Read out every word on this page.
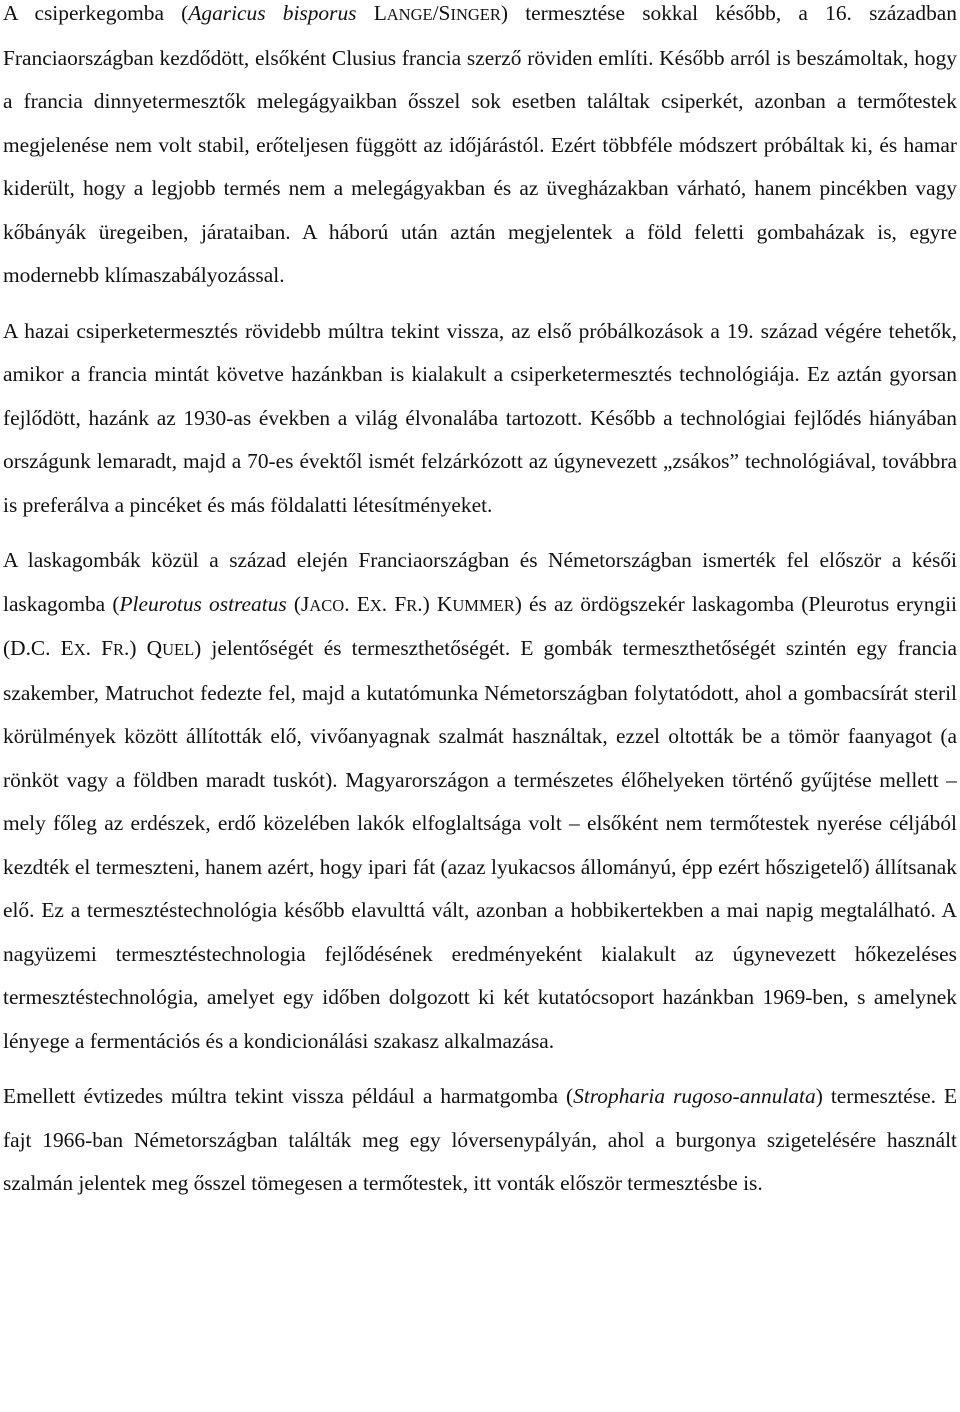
A csiperkegomba (Agaricus bisporus LANGE/SINGER) termesztése sokkal később, a 16. században Franciaországban kezdődött, elsőként Clusius francia szerző röviden említi. Később arról is beszámoltak, hogy a francia dinnyetermesztők melegágyaikban ősszel sok esetben találtak csiperkét, azonban a termőtestek megjelenése nem volt stabil, erőteljesen függött az időjárástól. Ezért többféle módszert próbáltak ki, és hamar kiderült, hogy a legjobb termés nem a melegágyakban és az üvegházakban várható, hanem pincékben vagy kőbányák üregeiben, járataiban. A háború után aztán megjelentek a föld feletti gombaházak is, egyre modernebb klímaszabályozással.

A hazai csiperketermesztés rövidebb múltra tekint vissza, az első próbálkozások a 19. század végére tehetők, amikor a francia mintát követve hazánkban is kialakult a csiperketermesztés technológiája. Ez aztán gyorsan fejlődött, hazánk az 1930-as években a világ élvonalába tartozott. Később a technológiai fejlődés hiányában országunk lemaradt, majd a 70-es évektől ismét felzárkózott az úgynevezett „zsákos” technológiával, továbbra is preferálva a pincéket és más földalatti létesítményeket.

A laskagombák közül a század elején Franciaországban és Németországban ismerték fel először a késői laskagomba (Pleurotus ostreatus (JACO. EX. FR.) KUMMER) és az ördögszekér laskagomba (Pleurotus eryngii (D.C. EX. FR.) QUEL) jelentőségét és termeszthetőségét. E gombák termeszthetőségét szintén egy francia szakember, Matruchot fedezte fel, majd a kutatómunka Németországban folytatódott, ahol a gombacsírát steril körülmények között állították elő, vivőanyagnak szalmát használtak, ezzel oltották be a tömör faanyagot (a rönköt vagy a földben maradt tuskót). Magyarországon a természetes élőhelyeken történő gyűjtése mellett – mely főleg az erdészek, erdő közelében lakók elfoglaltsága volt – elsőként nem termőtestek nyerése céljából kezdték el termeszteni, hanem azért, hogy ipari fát (azaz lyukacsos állományú, épp ezért hőszigetelő) állítsanak elő. Ez a termesztéstechnológia később elavulttá vált, azonban a hobbikertekben a mai napig megtalálható. A nagyüzemi termesztéstechnologia fejlődésének eredményeként kialakult az úgynevezett hőkezeléses termesztéstechnológia, amelyet egy időben dolgozott ki két kutatócsoport hazánkban 1969-ben, s amelynek lényege a fermentációs és a kondicionálási szakasz alkalmazása.

Emellett évtizedes múltra tekint vissza például a harmatgomba (Stropharia rugoso-annulata) termesztése. E fajt 1966-ban Németországban találták meg egy lóversenypályán, ahol a burgonya szigetelésére használt szalmán jelentek meg ősszel tömegesen a termőtestek, itt vonták először termesztésbe is.
